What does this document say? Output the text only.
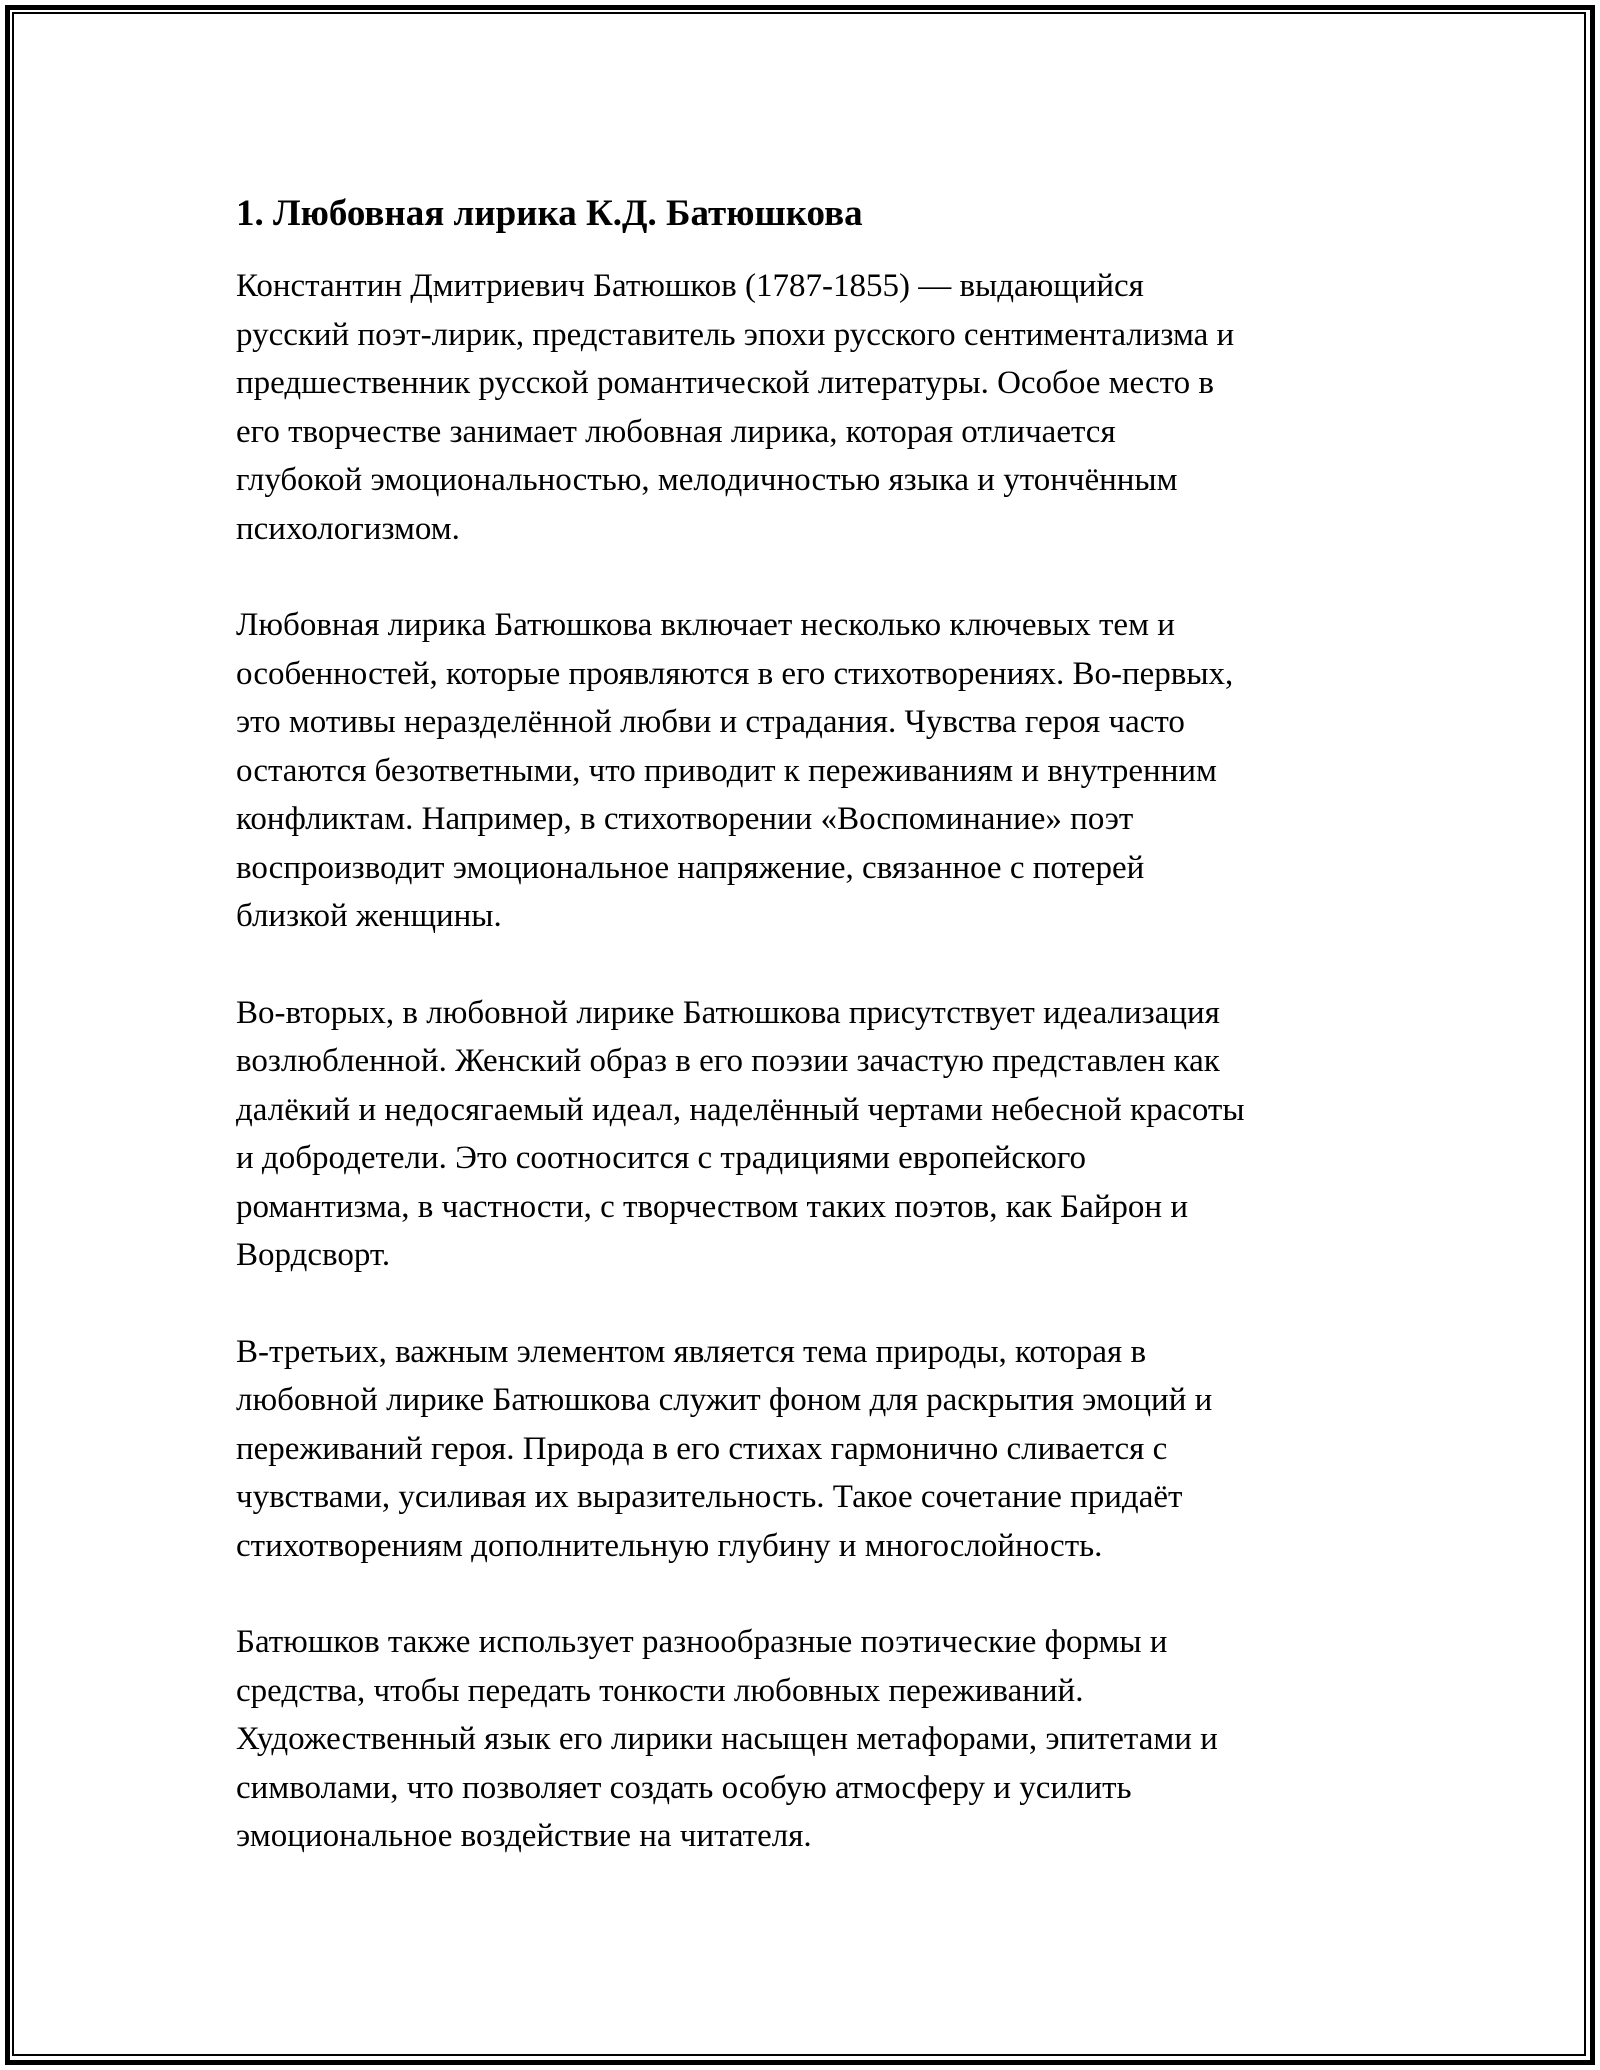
1. Любовная лирика К.Д. Батюшкова

Константин Дмитриевич Батюшков (1787-1855) — выдающийся
русский поэт-лирик, представитель эпохи русского сентиментализма и
предшественник русской романтической литературы. Особое место в
его творчестве занимает любовная лирика, которая отличается
глубокой эмоциональностью, мелодичностью языка и утончённым
психологизмом.

Любовная лирика Батюшкова включает несколько ключевых тем и
особенностей, которые проявляются в его стихотворениях. Во-первых,
это мотивы неразделённой любви и страдания. Чувства героя часто
остаются безответными, что приводит к переживаниям и внутренним
конфликтам. Например, в стихотворении «Воспоминание» поэт
воспроизводит эмоциональное напряжение, связанное с потерей
близкой женщины.

Во-вторых, в любовной лирике Батюшкова присутствует идеализация
возлюбленной. Женский образ в его поэзии зачастую представлен как
далёкий и недосягаемый идеал, наделённый чертами небесной красоты
и добродетели. Это соотносится с традициями европейского
романтизма, в частности, с творчеством таких поэтов, как Байрон и
Вордсворт.

В-третьих, важным элементом является тема природы, которая в
любовной лирике Батюшкова служит фоном для раскрытия эмоций и
переживаний героя. Природа в его стихах гармонично сливается с
чувствами, усиливая их выразительность. Такое сочетание придаёт
стихотворениям дополнительную глубину и многослойность.

Батюшков также использует разнообразные поэтические формы и
средства, чтобы передать тонкости любовных переживаний.
Художественный язык его лирики насыщен метафорами, эпитетами и
символами, что позволяет создать особую атмосферу и усилить
эмоциональное воздействие на читателя.
